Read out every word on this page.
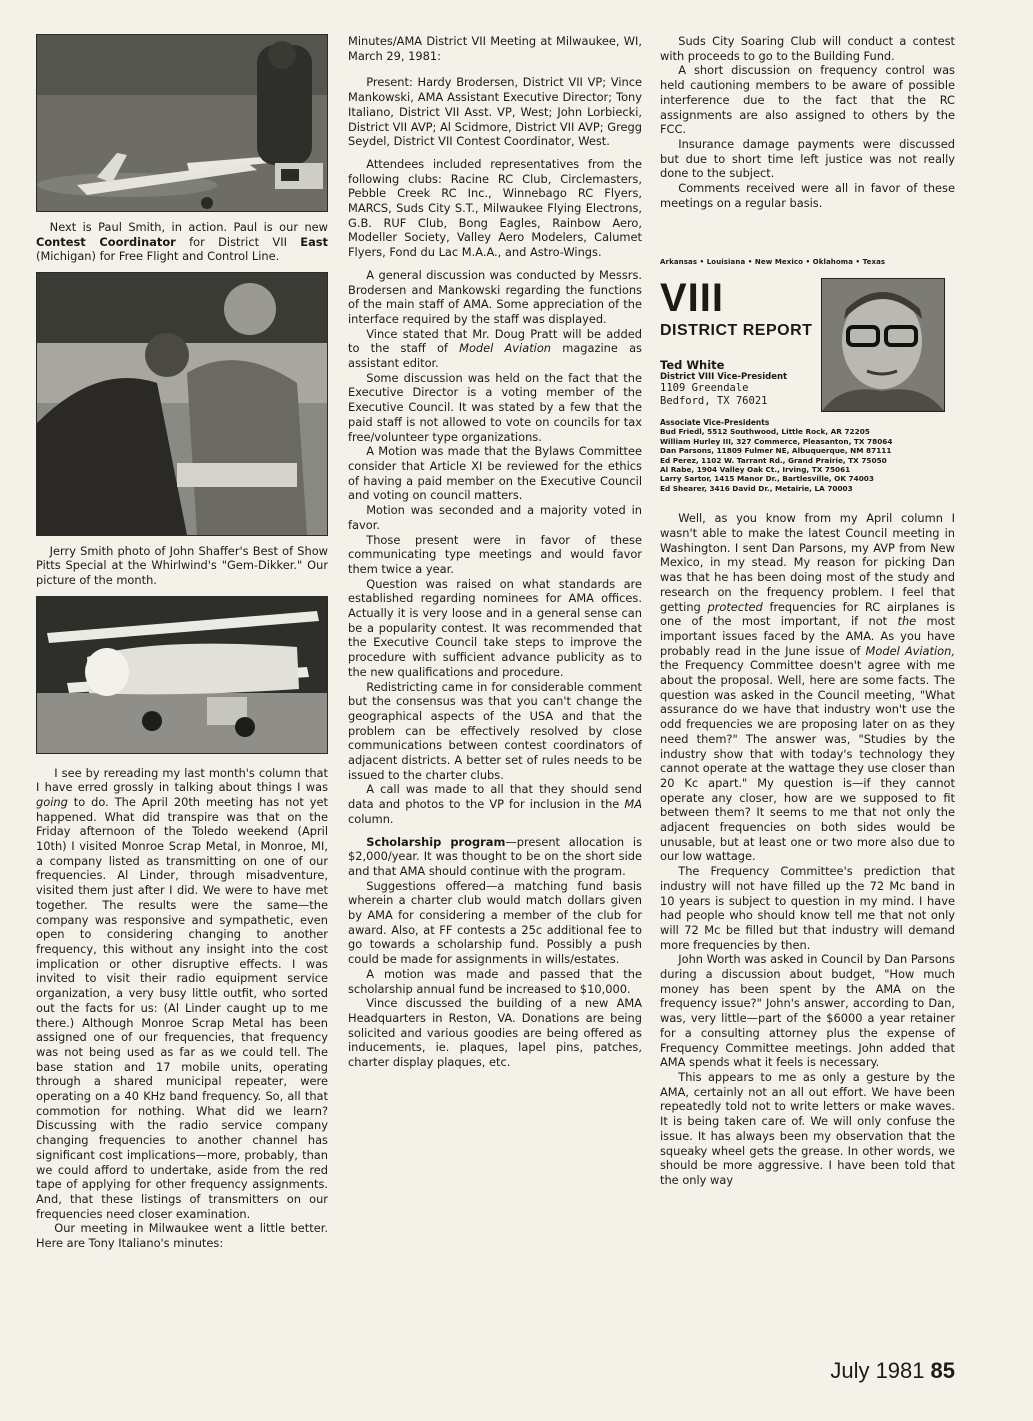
Next is Paul Smith, in action. Paul is our new Contest Coordinator for District VII East (Michigan) for Free Flight and Control Line.
Jerry Smith photo of John Shaffer's Best of Show Pitts Special at the Whirlwind's "Gem-Dikker." Our picture of the month.

I see by rereading my last month's column that I have erred grossly in talking about things I was going to do. The April 20th meeting has not yet happened. What did transpire was that on the Friday afternoon of the Toledo weekend (April 10th) I visited Monroe Scrap Metal, in Monroe, MI, a company listed as transmitting on one of our frequencies. Al Linder, through misadventure, visited them just after I did. We were to have met together. The results were the same—the company was responsive and sympathetic, even open to considering changing to another frequency, this without any insight into the cost implication or other disruptive effects. I was invited to visit their radio equipment service organization, a very busy little outfit, who sorted out the facts for us: (Al Linder caught up to me there.) Although Monroe Scrap Metal has been assigned one of our frequencies, that frequency was not being used as far as we could tell. The base station and 17 mobile units, operating through a shared municipal repeater, were operating on a 40 KHz band frequency. So, all that commotion for nothing. What did we learn? Discussing with the radio service company changing frequencies to another channel has significant cost implications—more, probably, than we could afford to undertake, aside from the red tape of applying for other frequency assignments. And, that these listings of transmitters on our frequencies need closer examination.

Our meeting in Milwaukee went a little better. Here are Tony Italiano's minutes:

Minutes/AMA District VII Meeting at Milwaukee, WI, March 29, 1981:

Present: Hardy Brodersen, District VII VP; Vince Mankowski, AMA Assistant Executive Director; Tony Italiano, District VII Asst. VP, West; John Lorbiecki, District VII AVP; Al Scidmore, District VII AVP; Gregg Seydel, District VII Contest Coordinator, West.

Attendees included representatives from the following clubs: Racine RC Club, Circlemasters, Pebble Creek RC Inc., Winnebago RC Flyers, MARCS, Suds City S.T., Milwaukee Flying Electrons, G.B. RUF Club, Bong Eagles, Rainbow Aero, Modeller Society, Valley Aero Modelers, Calumet Flyers, Fond du Lac M.A.A., and Astro-Wings.

A general discussion was conducted by Messrs. Brodersen and Mankowski regarding the functions of the main staff of AMA. Some appreciation of the interface required by the staff was displayed.

Vince stated that Mr. Doug Pratt will be added to the staff of Model Aviation magazine as assistant editor.

Some discussion was held on the fact that the Executive Director is a voting member of the Executive Council. It was stated by a few that the paid staff is not allowed to vote on councils for tax free/volunteer type organizations.

A Motion was made that the Bylaws Committee consider that Article XI be reviewed for the ethics of having a paid member on the Executive Council and voting on council matters.

Motion was seconded and a majority voted in favor.

Those present were in favor of these communicating type meetings and would favor them twice a year.

Question was raised on what standards are established regarding nominees for AMA offices. Actually it is very loose and in a general sense can be a popularity contest. It was recommended that the Executive Council take steps to improve the procedure with sufficient advance publicity as to the new qualifications and procedure.

Redistricting came in for considerable comment but the consensus was that you can't change the geographical aspects of the USA and that the problem can be effectively resolved by close communications between contest coordinators of adjacent districts. A better set of rules needs to be issued to the charter clubs.

A call was made to all that they should send data and photos to the VP for inclusion in the MA column.

Scholarship program—present allocation is $2,000/year. It was thought to be on the short side and that AMA should continue with the program.

Suggestions offered—a matching fund basis wherein a charter club would match dollars given by AMA for considering a member of the club for award. Also, at FF contests a 25c additional fee to go towards a scholarship fund. Possibly a push could be made for assignments in wills/estates.

A motion was made and passed that the scholarship annual fund be increased to $10,000.

Vince discussed the building of a new AMA Headquarters in Reston, VA. Donations are being solicited and various goodies are being offered as inducements, ie. plaques, lapel pins, patches, charter display plaques, etc.

Suds City Soaring Club will conduct a contest with proceeds to go to the Building Fund.

A short discussion on frequency control was held cautioning members to be aware of possible interference due to the fact that the RC assignments are also assigned to others by the FCC.

Insurance damage payments were discussed but due to short time left justice was not really done to the subject.

Comments received were all in favor of these meetings on a regular basis.

Arkansas • Louisiana • New Mexico • Oklahoma • Texas
VIII
DISTRICT REPORT
Ted White
District VIII Vice-President
1109 Greendale
Bedford, TX 76021
Associate Vice-Presidents
Bud Friedl, 5512 Southwood, Little Rock, AR 72205
William Hurley III, 327 Commerce, Pleasanton, TX 78064
Dan Parsons, 11809 Fulmer NE, Albuquerque, NM 87111
Ed Perez, 1102 W. Tarrant Rd., Grand Prairie, TX 75050
Al Rabe, 1904 Valley Oak Ct., Irving, TX 75061
Larry Sartor, 1415 Manor Dr., Bartlesville, OK 74003
Ed Shearer, 3416 David Dr., Metairie, LA 70003

Well, as you know from my April column I wasn't able to make the latest Council meeting in Washington. I sent Dan Parsons, my AVP from New Mexico, in my stead. My reason for picking Dan was that he has been doing most of the study and research on the frequency problem. I feel that getting protected frequencies for RC airplanes is one of the most important, if not the most important issues faced by the AMA. As you have probably read in the June issue of Model Aviation, the Frequency Committee doesn't agree with me about the proposal. Well, here are some facts. The question was asked in the Council meeting, "What assurance do we have that industry won't use the odd frequencies we are proposing later on as they need them?" The answer was, "Studies by the industry show that with today's technology they cannot operate at the wattage they use closer than 20 Kc apart." My question is—if they cannot operate any closer, how are we supposed to fit between them? It seems to me that not only the adjacent frequencies on both sides would be unusable, but at least one or two more also due to our low wattage.

The Frequency Committee's prediction that industry will not have filled up the 72 Mc band in 10 years is subject to question in my mind. I have had people who should know tell me that not only will 72 Mc be filled but that industry will demand more frequencies by then.

John Worth was asked in Council by Dan Parsons during a discussion about budget, "How much money has been spent by the AMA on the frequency issue?" John's answer, according to Dan, was, very little—part of the $6000 a year retainer for a consulting attorney plus the expense of Frequency Committee meetings. John added that AMA spends what it feels is necessary.

This appears to me as only a gesture by the AMA, certainly not an all out effort. We have been repeatedly told not to write letters or make waves. It is being taken care of. We will only confuse the issue. It has always been my observation that the squeaky wheel gets the grease. In other words, we should be more aggressive. I have been told that the only way

July 1981 85
